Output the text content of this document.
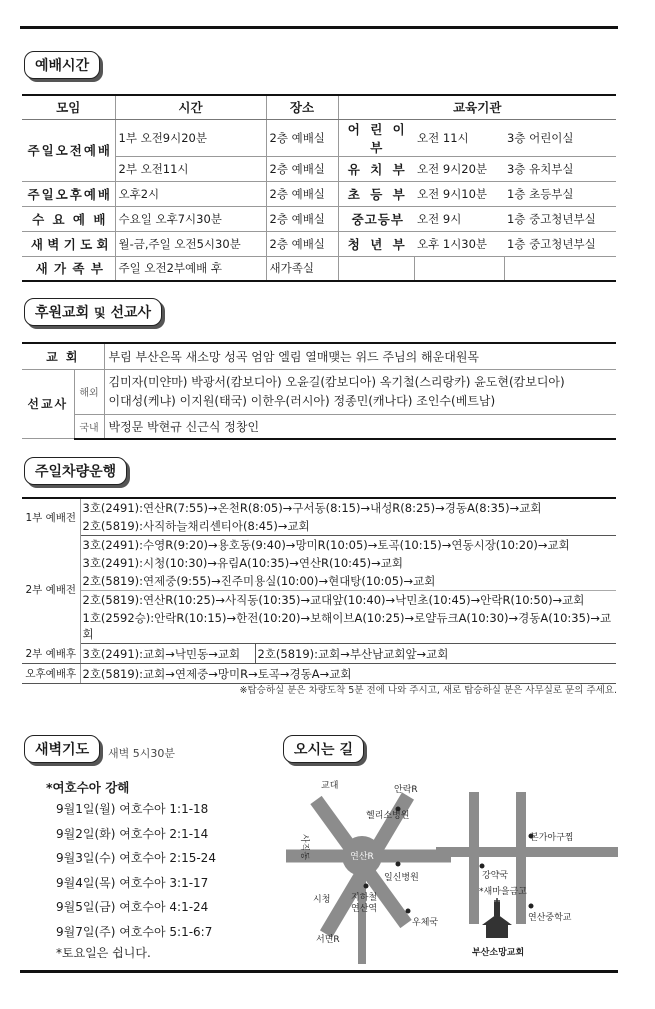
예배시간
모임	시간	장소	교육기관		
주일오전예배	1부 오전9시20분	2층 예배실	어 린 이 부	오전 11시	3층 어린이실
	2부 오전11시	2층 예배실	유 치 부	오전 9시20분	3층 유치부실
주일오후예배	오후2시	2층 예배실	초 등 부	오전 9시10분	1층 초등부실
수 요 예 배	수요일 오후7시30분	2층 예배실	중고등부	오전 9시	1층 중고청년부실
새 벽 기 도 회	월-금,주일 오전5시30분	2층 예배실	청 년 부	오후 1시30분	1층 중고청년부실
새 가 족 부	주일 오전2부예배 후	새가족실			
후원교회 및 선교사
교 회		부림 부산은목 새소망 성곡 엄암 엘림 열매맺는 위드 주님의 해운대원목
선교사	해외	김미자(미얀마) 박광서(캄보디아) 오윤길(캄보디아) 옥기철(스리랑카) 윤도현(캄보디아)
이대성(케냐) 이지원(태국) 이한우(러시아) 정종민(캐나다) 조인수(베트남)

	국내	박정문 박현규 신근식 정창인
주일차량운행
1부 예배전	3호(2491):연산R(7:55)→온천R(8:05)→구서동(8:15)→내성R(8:25)→경동A(8:35)→교회	
	2호(5819):사직하늘채리센티아(8:45)→교회	
2부 예배전	3호(2491):수영R(9:20)→용호동(9:40)→망미R(10:05)→토곡(10:15)→연동시장(10:20)→교회	
	3호(2491):시청(10:30)→유림A(10:35)→연산R(10:45)→교회	
	2호(5819):연제중(9:55)→진주미용실(10:00)→현대탕(10:05)→교회	
	2호(5819):연산R(10:25)→사직동(10:35)→교대앞(10:40)→낙민초(10:45)→안락R(10:50)→교회	
	1호(2592승):안락R(10:15)→한전(10:20)→보해이브A(10:25)→로얄듀크A(10:30)→경동A(10:35)→교회	
2부 예배후	3호(2491):교회→낙민동→교회	2호(5819):교회→부산남교회앞→교회
오후예배후	2호(5819):교회→연제중→망미R→토곡→경동A→교회	
※탑승하실 분은 차량도착 5분 전에 나와 주시고, 새로 탑승하실 분은 사무실로 문의 주세요.
새벽기도	새벽 5시30분
*여호수아 강해
9월1일(월) 여호수아 1:1-18
9월2일(화) 여호수아 2:1-14
9월3일(수) 여호수아 2:15-24
9월4일(목) 여호수아 3:1-17
9월5일(금) 여호수아 4:1-24
9월7일(주) 여호수아 5:1-6:7
*토요일은 쉽니다.
오시는 길
연산R
교대	안락R
헬리소병원
사직동
일신병원
시청 지하철
연산역
우체국
서면R
본가아구찜
강약국
*새마을금고
연산중학교
부산소망교회
